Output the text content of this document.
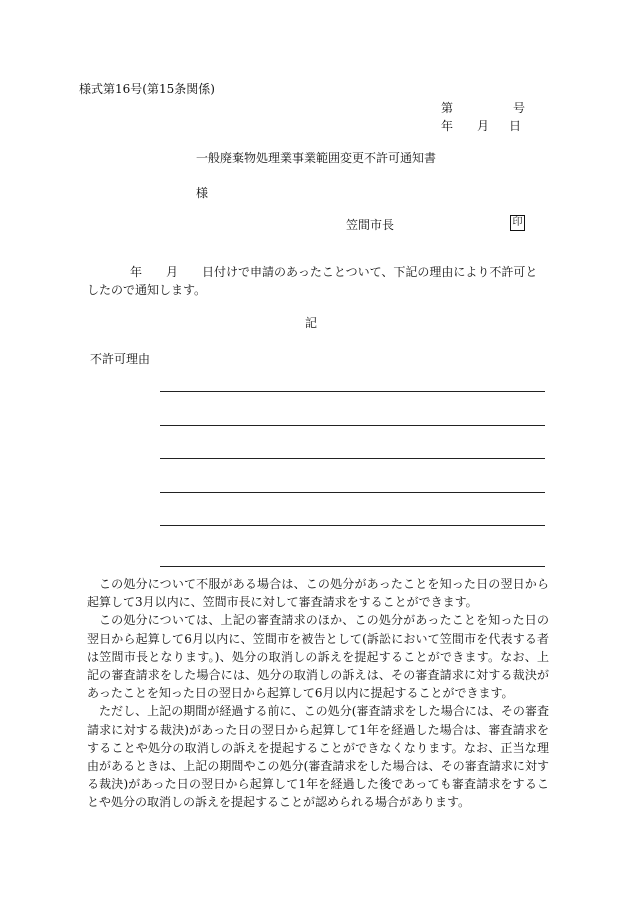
様式第16号(第15条関係)
第	号
年 月 日
一般廃棄物処理業事業範囲変更不許可通知書
様
笠間市長	印
年　　月　　日付けで申請のあったことついて、下記の理由により不許可としたので通知します。
記
不許可理由

この処分について不服がある場合は、この処分があったことを知った日の翌日から起算して3月以内に、笠間市長に対して審査請求をすることができます。

この処分については、上記の審査請求のほか、この処分があったことを知った日の翌日から起算して6月以内に、笠間市を被告として(訴訟において笠間市を代表する者は笠間市長となります。)、処分の取消しの訴えを提起することができます。なお、上記の審査請求をした場合には、処分の取消しの訴えは、その審査請求に対する裁決があったことを知った日の翌日から起算して6月以内に提起することができます。

ただし、上記の期間が経過する前に、この処分(審査請求をした場合には、その審査請求に対する裁決)があった日の翌日から起算して1年を経過した場合は、審査請求をすることや処分の取消しの訴えを提起することができなくなります。なお、正当な理由があるときは、上記の期間やこの処分(審査請求をした場合は、その審査請求に対する裁決)があった日の翌日から起算して1年を経過した後であっても審査請求をすることや処分の取消しの訴えを提起することが認められる場合があります。
